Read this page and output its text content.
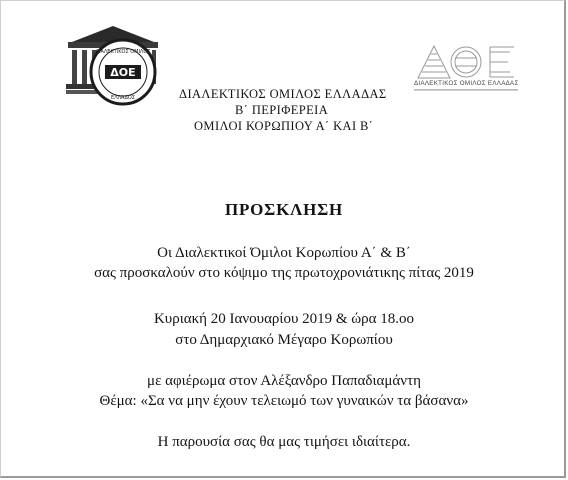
ΔΙΑΛΕΚΤΙΚΟΣ ΟΜΙΛΟΣ
ΕΛΛΑΔΟΣ
ΔΟΕ
ΔΙΑΛΕΚΤΙΚΟΣ ΟΜΙΛΟΣ ΕΛΛΑΔΑΣ
ΔΙΑΛΕΚΤΙΚΟΣ ΟΜΙΛΟΣ ΕΛΛΑΔΑΣ
Β΄ ΠΕΡΙΦΕΡΕΙΑ
ΟΜΙΛΟΙ ΚΟΡΩΠΙΟΥ Α΄ ΚΑΙ Β΄
ΠΡΟΣΚΛΗΣΗ
Οι Διαλεκτικοί Όμιλοι Κορωπίου Α΄ & Β΄
σας προσκαλούν στο κόψιμο της πρωτοχρονιάτικης πίτας 2019
Κυριακή 20 Ιανουαρίου 2019 & ώρα 18.οο
στο Δημαρχιακό Μέγαρο Κορωπίου
με αφιέρωμα στον Αλέξανδρο Παπαδιαμάντη
Θέμα: «Σα να μην έχουν τελειωμό των γυναικών τα βάσανα»
Η παρουσία σας θα μας τιμήσει ιδιαίτερα.
